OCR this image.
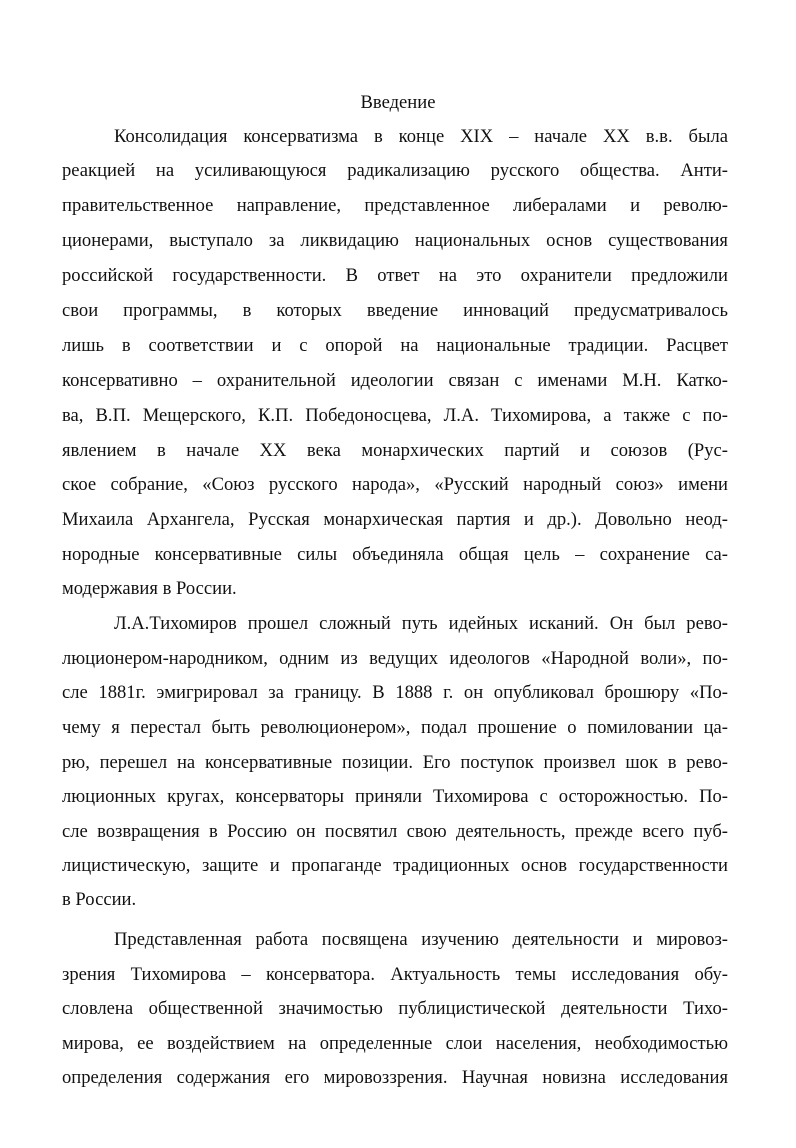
Введение
Консолидация консерватизма в конце XIX – начале XX в.в. была
реакцией на усиливающуюся радикализацию русского общества. Анти-
правительственное направление, представленное либералами и револю-
ционерами, выступало за ликвидацию национальных основ существования
российской государственности. В ответ на это охранители предложили
свои программы, в которых введение инноваций предусматривалось
лишь в соответствии и с опорой на национальные традиции. Расцвет
консервативно – охранительной идеологии связан с именами М.Н. Катко-
ва, В.П. Мещерского, К.П. Победоносцева, Л.А. Тихомирова, а также с по-
явлением в начале XX века монархических партий и союзов (Рус-
ское собрание, «Союз русского народа», «Русский народный союз» имени
Михаила Архангела, Русская монархическая партия и др.). Довольно неод-
нородные консервативные силы объединяла общая цель – сохранение са-
модержавия в России.
Л.А.Тихомиров прошел сложный путь идейных исканий. Он был рево-
люционером-народником, одним из ведущих идеологов «Народной воли», по-
сле 1881г. эмигрировал за границу. В 1888 г. он опубликовал брошюру «По-
чему я перестал быть революционером», подал прошение о помиловании ца-
рю, перешел на консервативные позиции. Его поступок произвел шок в рево-
люционных кругах, консерваторы приняли Тихомирова с осторожностью. По-
сле возвращения в Россию он посвятил свою деятельность, прежде всего пуб-
лицистическую, защите и пропаганде традиционных основ государственности
в России.
Представленная работа посвящена изучению деятельности и мировоз-
зрения Тихомирова – консерватора. Актуальность темы исследования обу-
словлена общественной значимостью публицистической деятельности Тихо-
мирова, ее воздействием на определенные слои населения, необходимостью
определения содержания его мировоззрения. Научная новизна исследования
